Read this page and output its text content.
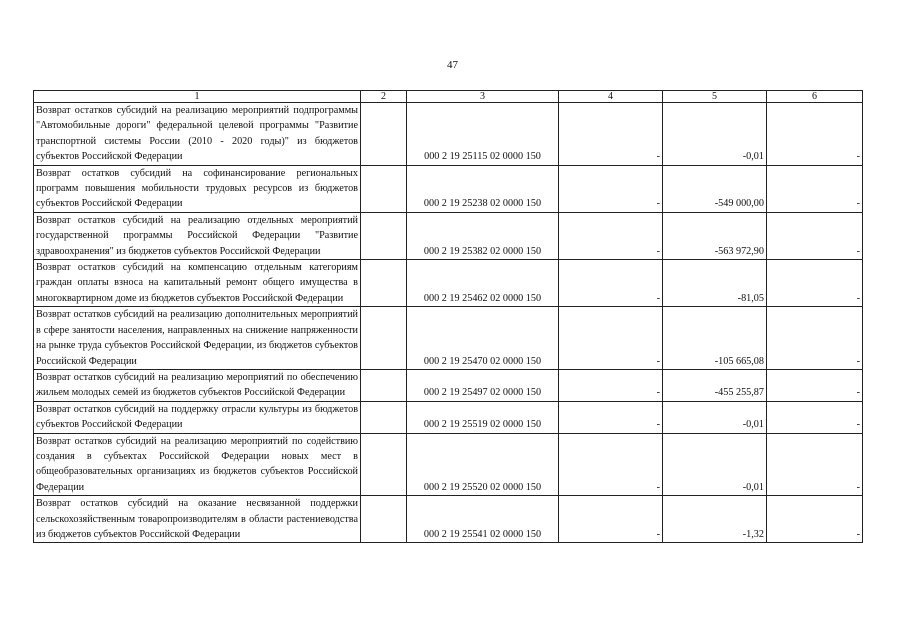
47
1	2	3	4	5	6
Возврат остатков субсидий на реализацию мероприятий подпрограммы "Автомобильные дороги" федеральной целевой программы "Развитие транспортной системы России (2010 - 2020 годы)" из бюджетов субъектов Российской Федерации		000 2 19 25115 02 0000 150	-	-0,01	-
Возврат остатков субсидий на софинансирование региональных программ повышения мобильности трудовых ресурсов из бюджетов субъектов Российской Федерации		000 2 19 25238 02 0000 150	-	-549 000,00	-
Возврат остатков субсидий на реализацию отдельных мероприятий государственной программы Российской Федерации "Развитие здравоохранения" из бюджетов субъектов Российской Федерации		000 2 19 25382 02 0000 150	-	-563 972,90	-
Возврат остатков субсидий на компенсацию отдельным категориям граждан оплаты взноса на капитальный ремонт общего имущества в многоквартирном доме из бюджетов субъектов Российской Федерации		000 2 19 25462 02 0000 150	-	-81,05	-
Возврат остатков субсидий на реализацию дополнительных мероприятий в сфере занятости населения, направленных на снижение напряженности на рынке труда субъектов Российской Федерации, из бюджетов субъектов Российской Федерации		000 2 19 25470 02 0000 150	-	-105 665,08	-
Возврат остатков субсидий на реализацию мероприятий по обеспечению жильем молодых семей из бюджетов субъектов Российской Федерации		000 2 19 25497 02 0000 150	-	-455 255,87	-
Возврат остатков субсидий на поддержку отрасли культуры из бюджетов субъектов Российской Федерации		000 2 19 25519 02 0000 150	-	-0,01	-
Возврат остатков субсидий на реализацию мероприятий по содействию создания в субъектах Российской Федерации новых мест в общеобразовательных организациях из бюджетов субъектов Российской Федерации		000 2 19 25520 02 0000 150	-	-0,01	-
Возврат остатков субсидий на оказание несвязанной поддержки сельскохозяйственным товаропроизводителям в области растениеводства из бюджетов субъектов Российской Федерации		000 2 19 25541 02 0000 150	-	-1,32	-
